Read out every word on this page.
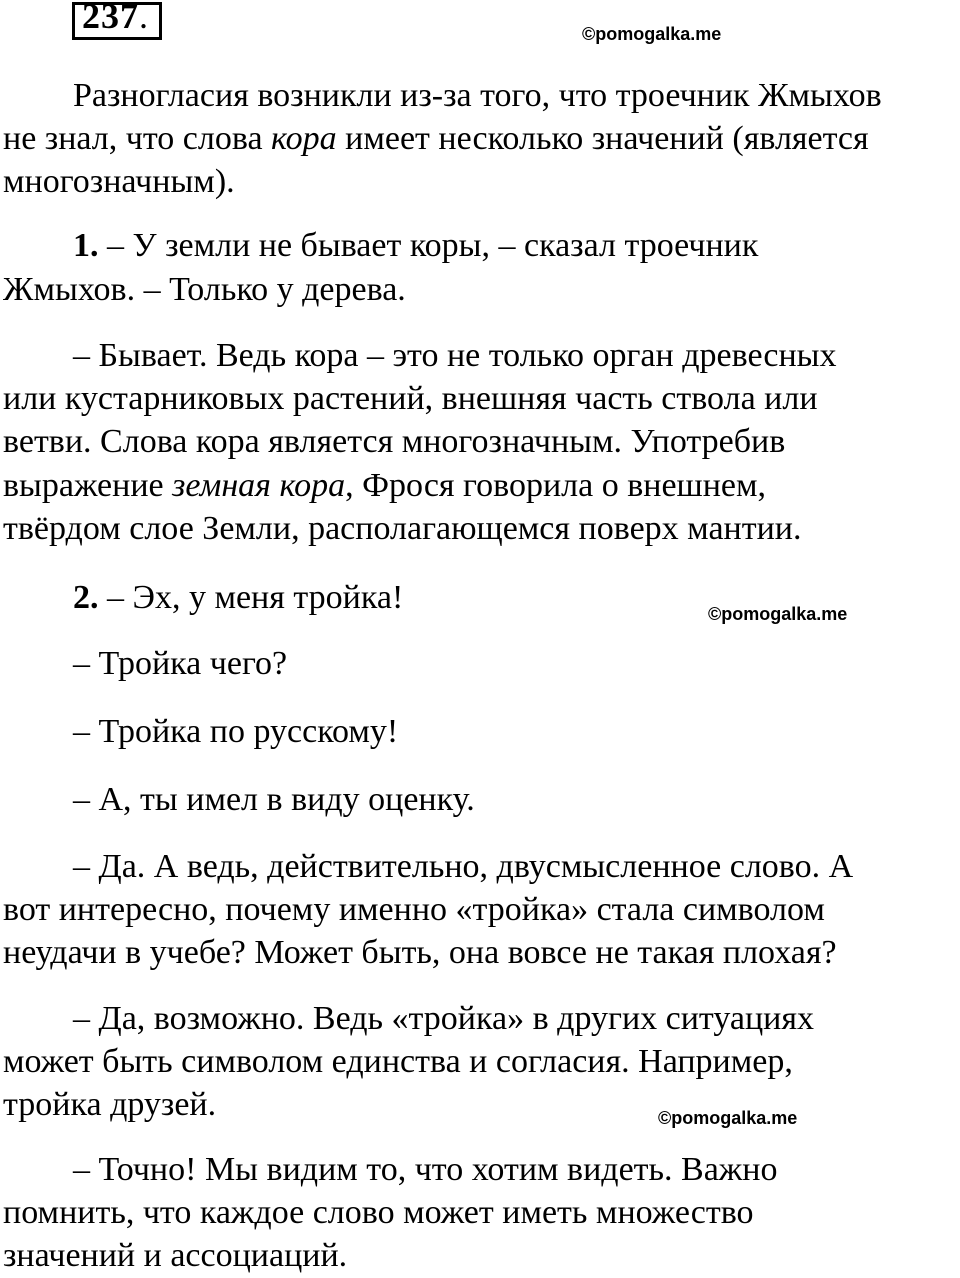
237.	©pomogalka.me
©pomogalka.me
©pomogalka.me
Разногласия возникли из-за того, что троечник Жмыхов
не знал, что слова кора имеет несколько значений (является
многозначным).
1. – У земли не бывает коры, – сказал троечник
Жмыхов. – Только у дерева.
– Бывает. Ведь кора – это не только орган древесных
или кустарниковых растений, внешняя часть ствола или
ветви. Слова кора является многозначным. Употребив
выражение земная кора, Фрося говорила о внешнем,
твёрдом слое Земли, располагающемся поверх мантии.
2. – Эх, у меня тройка!
– Тройка чего?
– Тройка по русскому!
– А, ты имел в виду оценку.
– Да. А ведь, действительно, двусмысленное слово. А
вот интересно, почему именно «тройка» стала символом
неудачи в учебе? Может быть, она вовсе не такая плохая?
– Да, возможно. Ведь «тройка» в других ситуациях
может быть символом единства и согласия. Например,
тройка друзей.
– Точно! Мы видим то, что хотим видеть. Важно
помнить, что каждое слово может иметь множество
значений и ассоциаций.
